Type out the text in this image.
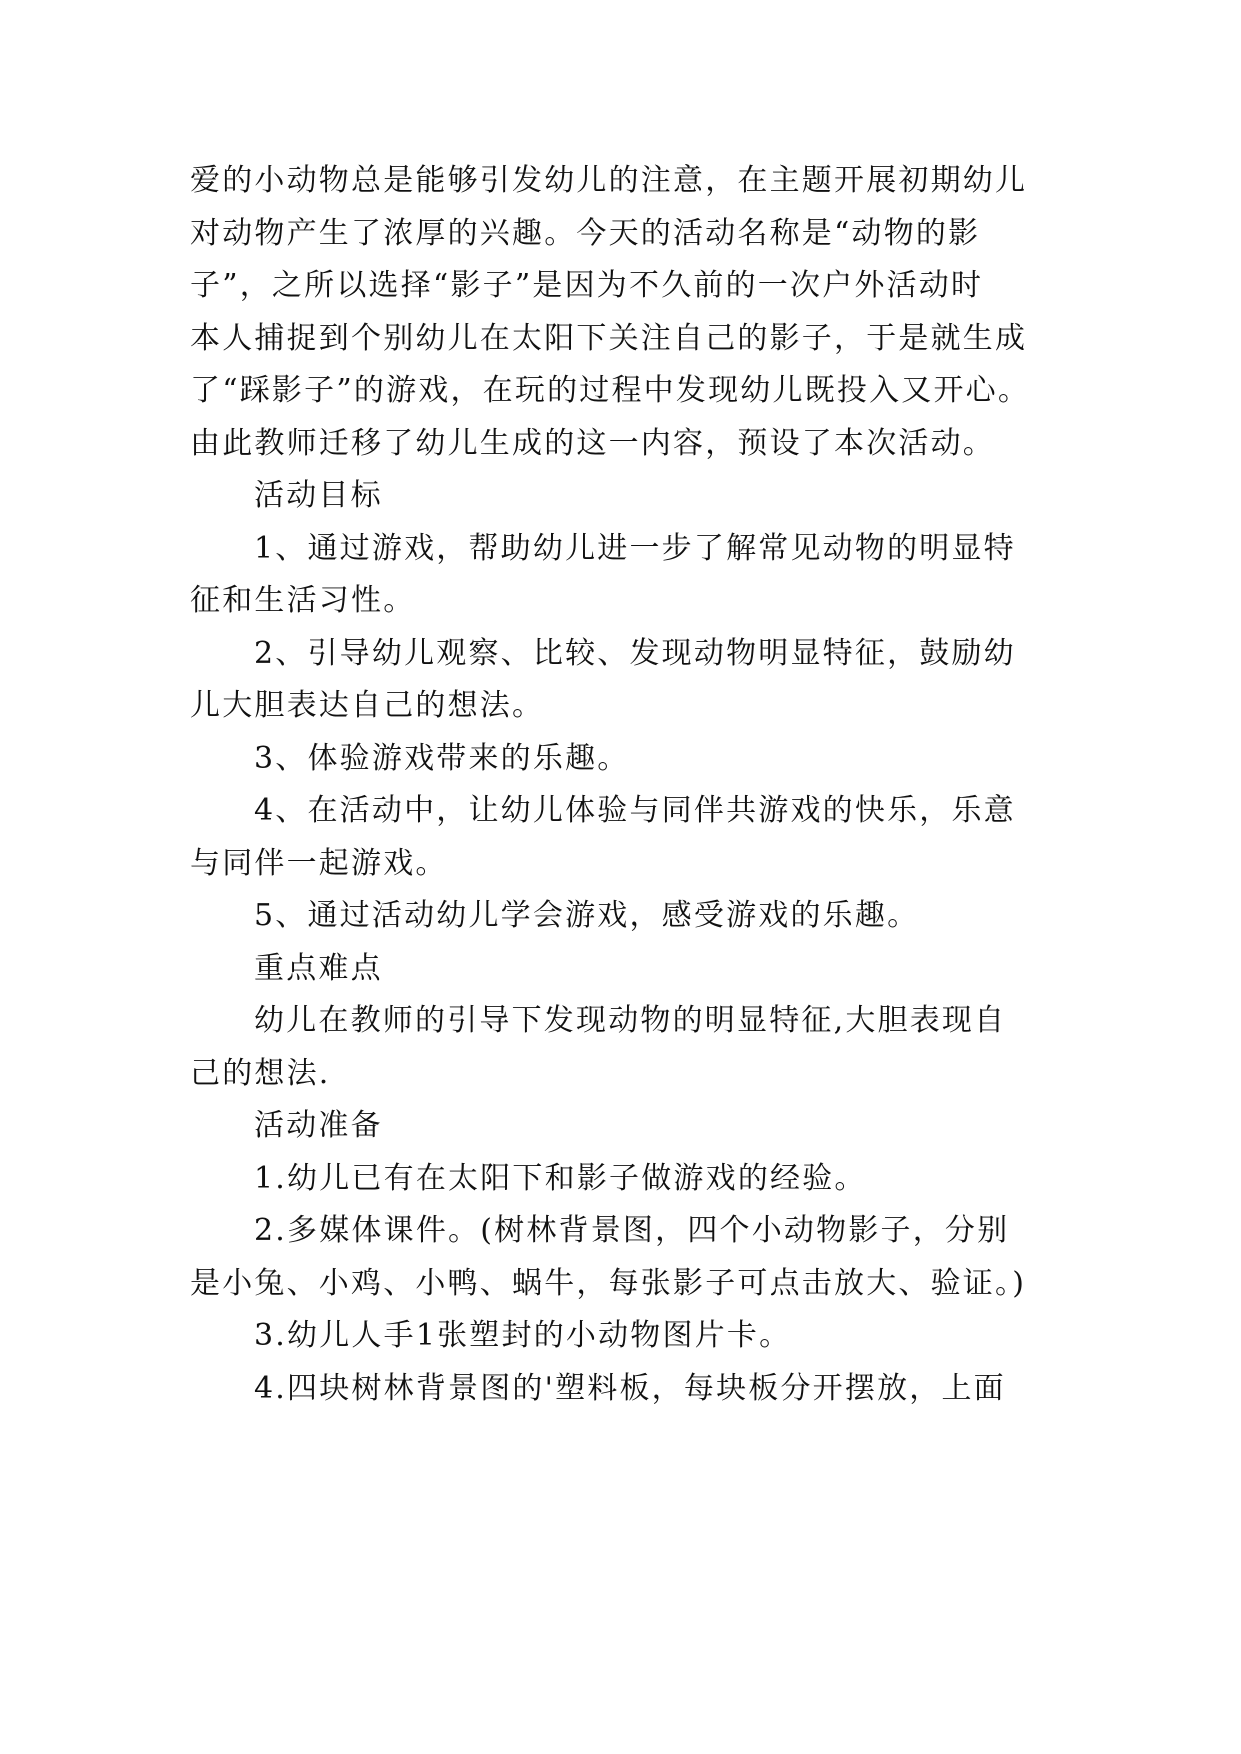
爱的小动物总是能够引发幼儿的注意，在主题开展初期幼儿
对动物产生了浓厚的兴趣。今天的活动名称是“动物的影
子”，之所以选择“影子”是因为不久前的一次户外活动时
本人捕捉到个别幼儿在太阳下关注自己的影子，于是就生成
了“踩影子”的游戏，在玩的过程中发现幼儿既投入又开心。
由此教师迁移了幼儿生成的这一内容，预设了本次活动。
活动目标
1、通过游戏，帮助幼儿进一步了解常见动物的明显特
征和生活习性。
2、引导幼儿观察、比较、发现动物明显特征，鼓励幼
儿大胆表达自己的想法。
3、体验游戏带来的乐趣。
4、在活动中，让幼儿体验与同伴共游戏的快乐，乐意
与同伴一起游戏。
5、通过活动幼儿学会游戏，感受游戏的乐趣。
重点难点
幼儿在教师的引导下发现动物的明显特征,大胆表现自
己的想法.
活动准备
1.幼儿已有在太阳下和影子做游戏的经验。
2.多媒体课件。(树林背景图，四个小动物影子，分别
是小兔、小鸡、小鸭、蜗牛，每张影子可点击放大、验证。)
3.幼儿人手1张塑封的小动物图片卡。
4.四块树林背景图的'塑料板，每块板分开摆放，上面
